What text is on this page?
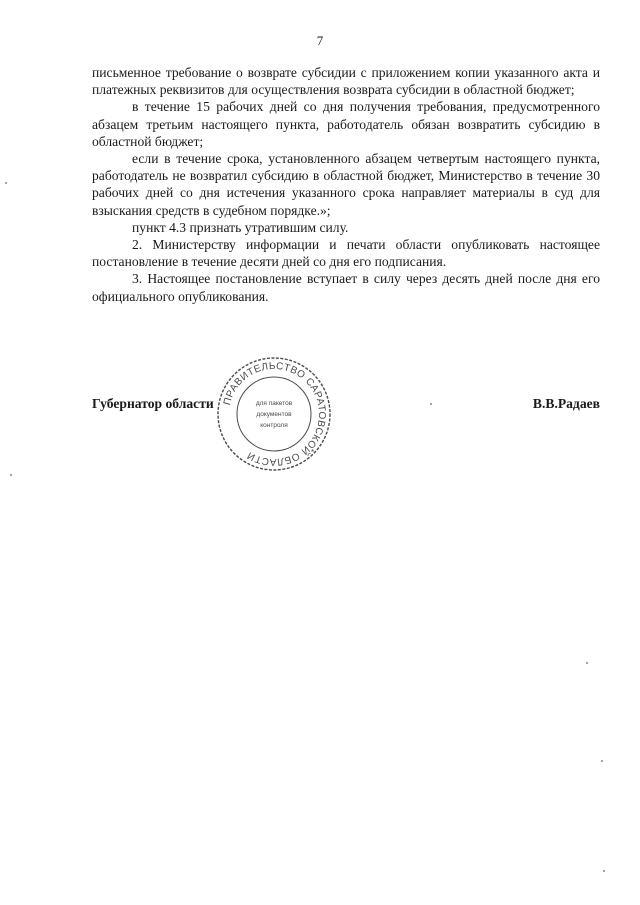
7

письменное требование о возврате субсидии с приложением копии указанного акта и платежных реквизитов для осуществления возврата субсидии в областной бюджет;

в течение 15 рабочих дней со дня получения требования, предусмотренного абзацем третьим настоящего пункта, работодатель обязан возвратить субсидию в областной бюджет;

если в течение срока, установленного абзацем четвертым настоящего пункта, работодатель не возвратил субсидию в областной бюджет, Министерство в течение 30 рабочих дней со дня истечения указанного срока направляет материалы в суд для взыскания средств в судебном порядке.»;

пункт 4.3 признать утратившим силу.

2. Министерству информации и печати области опубликовать настоящее постановление в течение десяти дней со дня его подписания.

3. Настоящее постановление вступает в силу через десять дней после дня его официального опубликования.

Губернатор области	В.В.Радаев
ПРАВИТЕЛЬСТВО САРАТОВСКОЙ ОБЛАСТИ
для пакетов
документов
контроля
*
